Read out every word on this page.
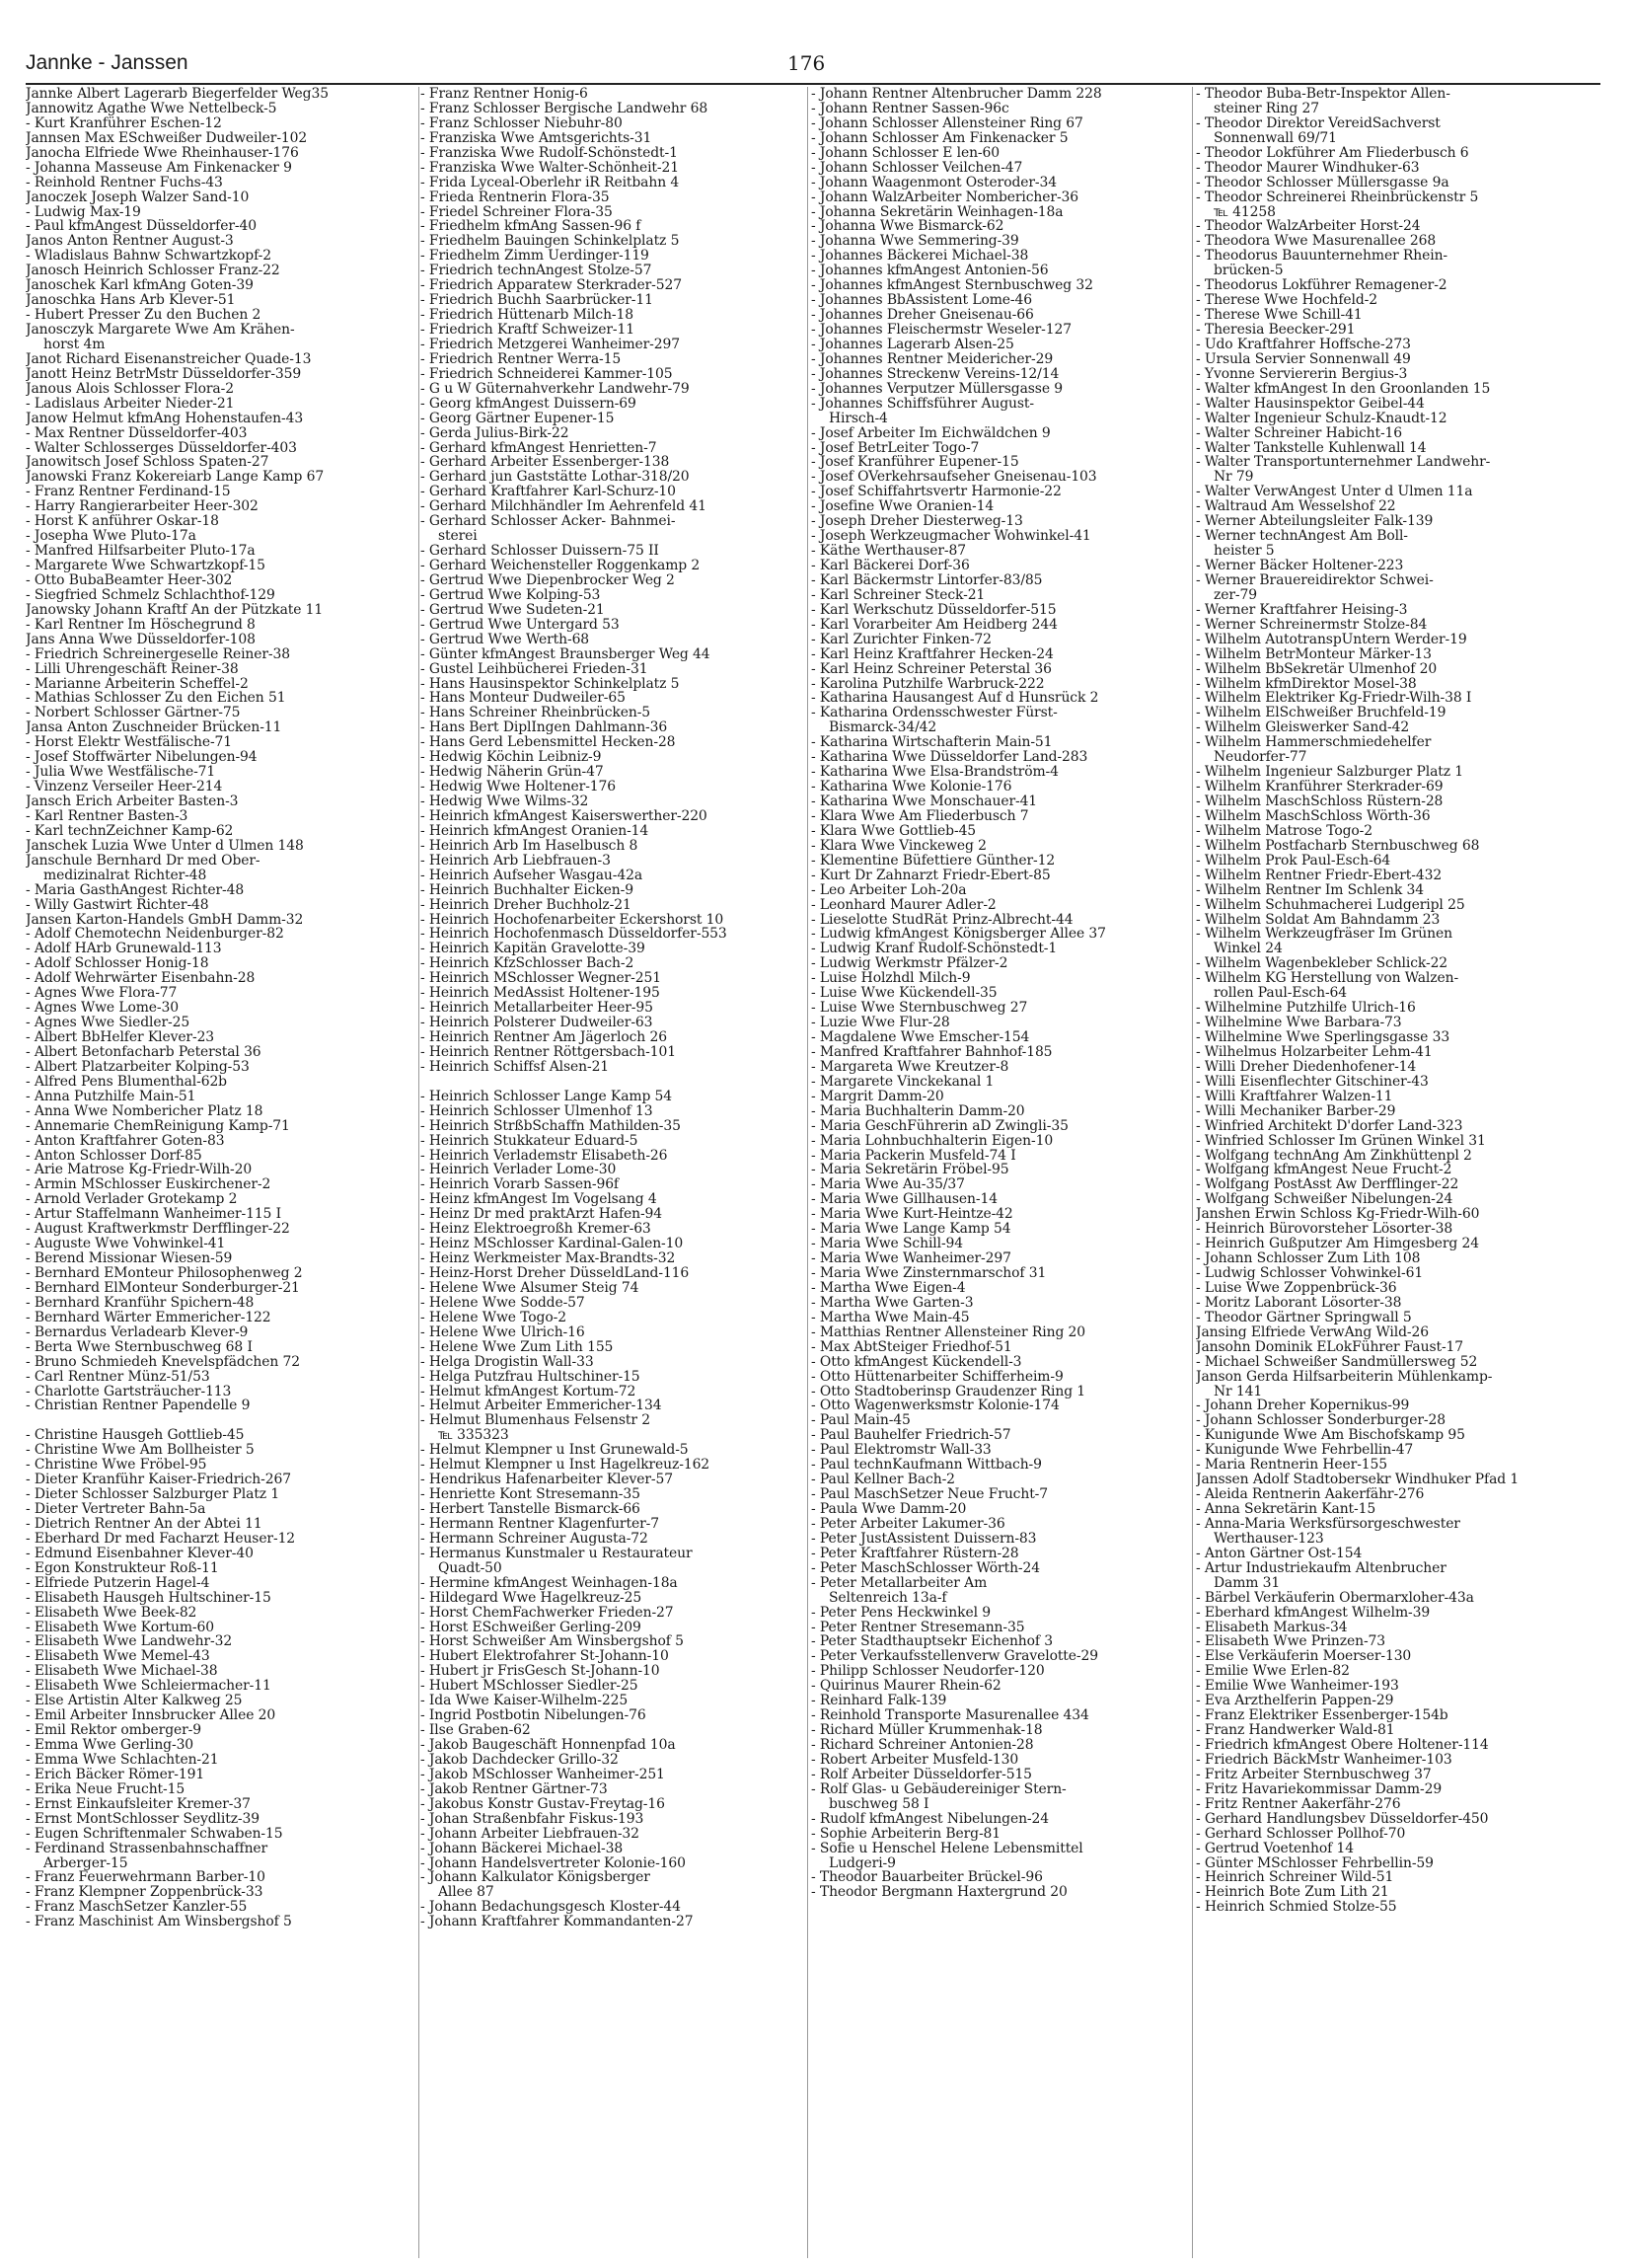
Jannke - Janssen	176
Jannke Albert Lagerarb Biegerfelder Weg35
Jannowitz Agathe Wwe Nettelbeck-5
- Kurt Kranführer Eschen-12
Jannsen Max ESchweißer Dudweiler-102
Janocha Elfriede Wwe Rheinhauser-176
- Johanna Masseuse Am Finkenacker 9
- Reinhold Rentner Fuchs-43
Janoczek Joseph Walzer Sand-10
- Ludwig Max-19
- Paul kfmAngest Düsseldorfer-40
Janos Anton Rentner August-3
- Wladislaus Bahnw Schwartzkopf-2
Janosch Heinrich Schlosser Franz-22
Janoschek Karl kfmAng Goten-39
Janoschka Hans Arb Klever-51
- Hubert Presser Zu den Buchen 2
Janosczyk Margarete Wwe Am Krähen-
horst 4m
Janot Richard Eisenanstreicher Quade-13
Janott Heinz BetrMstr Düsseldorfer-359
Janous Alois Schlosser Flora-2
- Ladislaus Arbeiter Nieder-21
Janow Helmut kfmAng Hohenstaufen-43
- Max Rentner Düsseldorfer-403
- Walter Schlosserges Düsseldorfer-403
Janowitsch Josef Schloss Spaten-27
Janowski Franz Kokereiarb Lange Kamp 67
- Franz Rentner Ferdinand-15
- Harry Rangierarbeiter Heer-302
- Horst K anführer Oskar-18
- Josepha Wwe Pluto-17a
- Manfred Hilfsarbeiter Pluto-17a
- Margarete Wwe Schwartzkopf-15
- Otto BubaBeamter Heer-302
- Siegfried Schmelz Schlachthof-129
Janowsky Johann Kraftf An der Pützkate 11
- Karl Rentner Im Höschegrund 8
Jans Anna Wwe Düsseldorfer-108
- Friedrich Schreinergeselle Reiner-38
- Lilli Uhrengeschäft Reiner-38
- Marianne Arbeiterin Scheffel-2
- Mathias Schlosser Zu den Eichen 51
- Norbert Schlosser Gärtner-75
Jansa Anton Zuschneider Brücken-11
- Horst Elektr Westfälische-71
- Josef Stoffwärter Nibelungen-94
- Julia Wwe Westfälische-71
- Vinzenz Verseiler Heer-214
Jansch Erich Arbeiter Basten-3
- Karl Rentner Basten-3
- Karl technZeichner Kamp-62
Janschek Luzia Wwe Unter d Ulmen 148
Janschule Bernhard Dr med Ober-
medizinalrat Richter-48
- Maria GasthAngest Richter-48
- Willy Gastwirt Richter-48
Jansen Karton-Handels GmbH Damm-32
- Adolf Chemotechn Neidenburger-82
- Adolf HArb Grunewald-113
- Adolf Schlosser Honig-18
- Adolf Wehrwärter Eisenbahn-28
- Agnes Wwe Flora-77
- Agnes Wwe Lome-30
- Agnes Wwe Siedler-25
- Albert BbHelfer Klever-23
- Albert Betonfacharb Peterstal 36
- Albert Platzarbeiter Kolping-53
- Alfred Pens Blumenthal-62b
- Anna Putzhilfe Main-51
- Anna Wwe Nombericher Platz 18
- Annemarie ChemReinigung Kamp-71
- Anton Kraftfahrer Goten-83
- Anton Schlosser Dorf-85
- Arie Matrose Kg-Friedr-Wilh-20
- Armin MSchlosser Euskirchener-2
- Arnold Verlader Grotekamp 2
- Artur Staffelmann Wanheimer-115 I
- August Kraftwerkmstr Derfflinger-22
- Auguste Wwe Vohwinkel-41
- Berend Missionar Wiesen-59
- Bernhard EMonteur Philosophenweg 2
- Bernhard ElMonteur Sonderburger-21
- Bernhard Kranführ Spichern-48
- Bernhard Wärter Emmericher-122
- Bernardus Verladearb Klever-9
- Berta Wwe Sternbuschweg 68 I
- Bruno Schmiedeh Knevelspfädchen 72
- Carl Rentner Münz-51/53
- Charlotte Gartsträucher-113
- Christian Rentner Papendelle 9
- Christine Hausgeh Gottlieb-45
- Christine Wwe Am Bollheister 5
- Christine Wwe Fröbel-95
- Dieter Kranführ Kaiser-Friedrich-267
- Dieter Schlosser Salzburger Platz 1
- Dieter Vertreter Bahn-5a
- Dietrich Rentner An der Abtei 11
- Eberhard Dr med Facharzt Heuser-12
- Edmund Eisenbahner Klever-40
- Egon Konstrukteur Roß-11
- Elfriede Putzerin Hagel-4
- Elisabeth Hausgeh Hultschiner-15
- Elisabeth Wwe Beek-82
- Elisabeth Wwe Kortum-60
- Elisabeth Wwe Landwehr-32
- Elisabeth Wwe Memel-43
- Elisabeth Wwe Michael-38
- Elisabeth Wwe Schleiermacher-11
- Else Artistin Alter Kalkweg 25
- Emil Arbeiter Innsbrucker Allee 20
- Emil Rektor omberger-9
- Emma Wwe Gerling-30
- Emma Wwe Schlachten-21
- Erich Bäcker Römer-191
- Erika Neue Frucht-15
- Ernst Einkaufsleiter Kremer-37
- Ernst MontSchlosser Seydlitz-39
- Eugen Schriftenmaler Schwaben-15
- Ferdinand Strassenbahnschaffner
Arberger-15
- Franz Feuerwehrmann Barber-10
- Franz Klempner Zoppenbrück-33
- Franz MaschSetzer Kanzler-55
- Franz Maschinist Am Winsbergshof 5
- Franz Rentner Honig-6
- Franz Schlosser Bergische Landwehr 68
- Franz Schlosser Niebuhr-80
- Franziska Wwe Amtsgerichts-31
- Franziska Wwe Rudolf-Schönstedt-1
- Franziska Wwe Walter-Schönheit-21
- Frida Lyceal-Oberlehr iR Reitbahn 4
- Frieda Rentnerin Flora-35
- Friedel Schreiner Flora-35
- Friedhelm kfmAng Sassen-96 f
- Friedhelm Bauingen Schinkelplatz 5
- Friedhelm Zimm Uerdinger-119
- Friedrich technAngest Stolze-57
- Friedrich Apparatew Sterkrader-527
- Friedrich Buchh Saarbrücker-11
- Friedrich Hüttenarb Milch-18
- Friedrich Kraftf Schweizer-11
- Friedrich Metzgerei Wanheimer-297
- Friedrich Rentner Werra-15
- Friedrich Schneiderei Kammer-105
- G u W Güternahverkehr Landwehr-79
- Georg kfmAngest Duissern-69
- Georg Gärtner Eupener-15
- Gerda Julius-Birk-22
- Gerhard kfmAngest Henrietten-7
- Gerhard Arbeiter Essenberger-138
- Gerhard jun Gaststätte Lothar-318/20
- Gerhard Kraftfahrer Karl-Schurz-10
- Gerhard Milchhändler Im Aehrenfeld 41
- Gerhard Schlosser Acker- Bahnmei-
sterei
- Gerhard Schlosser Duissern-75 II
- Gerhard Weichensteller Roggenkamp 2
- Gertrud Wwe Diepenbrocker Weg 2
- Gertrud Wwe Kolping-53
- Gertrud Wwe Sudeten-21
- Gertrud Wwe Untergard 53
- Gertrud Wwe Werth-68
- Günter kfmAngest Braunsberger Weg 44
- Gustel Leihbücherei Frieden-31
- Hans Hausinspektor Schinkelplatz 5
- Hans Monteur Dudweiler-65
- Hans Schreiner Rheinbrücken-5
- Hans Bert DiplIngen Dahlmann-36
- Hans Gerd Lebensmittel Hecken-28
- Hedwig Köchin Leibniz-9
- Hedwig Näherin Grün-47
- Hedwig Wwe Holtener-176
- Hedwig Wwe Wilms-32
- Heinrich kfmAngest Kaiserswerther-220
- Heinrich kfmAngest Oranien-14
- Heinrich Arb Im Haselbusch 8
- Heinrich Arb Liebfrauen-3
- Heinrich Aufseher Wasgau-42a
- Heinrich Buchhalter Eicken-9
- Heinrich Dreher Buchholz-21
- Heinrich Hochofenarbeiter Eckershorst 10
- Heinrich Hochofenmasch Düsseldorfer-553
- Heinrich Kapitän Gravelotte-39
- Heinrich KfzSchlosser Bach-2
- Heinrich MSchlosser Wegner-251
- Heinrich MedAssist Holtener-195
- Heinrich Metallarbeiter Heer-95
- Heinrich Polsterer Dudweiler-63
- Heinrich Rentner Am Jägerloch 26
- Heinrich Rentner Röttgersbach-101
- Heinrich Schiffsf Alsen-21
- Heinrich Schlosser Lange Kamp 54
- Heinrich Schlosser Ulmenhof 13
- Heinrich StrßbSchaffn Mathilden-35
- Heinrich Stukkateur Eduard-5
- Heinrich Verlademstr Elisabeth-26
- Heinrich Verlader Lome-30
- Heinrich Vorarb Sassen-96f
- Heinz kfmAngest Im Vogelsang 4
- Heinz Dr med praktArzt Hafen-94
- Heinz Elektroegroßh Kremer-63
- Heinz MSchlosser Kardinal-Galen-10
- Heinz Werkmeister Max-Brandts-32
- Heinz-Horst Dreher DüsseldLand-116
- Helene Wwe Alsumer Steig 74
- Helene Wwe Sodde-57
- Helene Wwe Togo-2
- Helene Wwe Ulrich-16
- Helene Wwe Zum Lith 155
- Helga Drogistin Wall-33
- Helga Putzfrau Hultschiner-15
- Helmut kfmAngest Kortum-72
- Helmut Arbeiter Emmericher-134
- Helmut Blumenhaus Felsenstr 2
℡ 335323
- Helmut Klempner u Inst Grunewald-5
- Helmut Klempner u Inst Hagelkreuz-162
- Hendrikus Hafenarbeiter Klever-57
- Henriette Kont Stresemann-35
- Herbert Tanstelle Bismarck-66
- Hermann Rentner Klagenfurter-7
- Hermann Schreiner Augusta-72
- Hermanus Kunstmaler u Restaurateur
Quadt-50
- Hermine kfmAngest Weinhagen-18a
- Hildegard Wwe Hagelkreuz-25
- Horst ChemFachwerker Frieden-27
- Horst ESchweißer Gerling-209
- Horst Schweißer Am Winsbergshof 5
- Hubert Elektrofahrer St-Johann-10
- Hubert jr FrisGesch St-Johann-10
- Hubert MSchlosser Siedler-25
- Ida Wwe Kaiser-Wilhelm-225
- Ingrid Postbotin Nibelungen-76
- Ilse Graben-62
- Jakob Baugeschäft Honnenpfad 10a
- Jakob Dachdecker Grillo-32
- Jakob MSchlosser Wanheimer-251
- Jakob Rentner Gärtner-73
- Jakobus Konstr Gustav-Freytag-16
- Johan Straßenbfahr Fiskus-193
- Johann Arbeiter Liebfrauen-32
- Johann Bäckerei Michael-38
- Johann Handelsvertreter Kolonie-160
- Johann Kalkulator Königsberger
Allee 87
- Johann Bedachungsgesch Kloster-44
- Johann Kraftfahrer Kommandanten-27
- Johann Rentner Altenbrucher Damm 228
- Johann Rentner Sassen-96c
- Johann Schlosser Allensteiner Ring 67
- Johann Schlosser Am Finkenacker 5
- Johann Schlosser E len-60
- Johann Schlosser Veilchen-47
- Johann Waagenmont Osteroder-34
- Johann WalzArbeiter Nombericher-36
- Johanna Sekretärin Weinhagen-18a
- Johanna Wwe Bismarck-62
- Johanna Wwe Semmering-39
- Johannes Bäckerei Michael-38
- Johannes kfmAngest Antonien-56
- Johannes kfmAngest Sternbuschweg 32
- Johannes BbAssistent Lome-46
- Johannes Dreher Gneisenau-66
- Johannes Fleischermstr Weseler-127
- Johannes Lagerarb Alsen-25
- Johannes Rentner Meidericher-29
- Johannes Streckenw Vereins-12/14
- Johannes Verputzer Müllersgasse 9
- Johannes Schiffsführer August-
Hirsch-4
- Josef Arbeiter Im Eichwäldchen 9
- Josef BetrLeiter Togo-7
- Josef Kranführer Eupener-15
- Josef OVerkehrsaufseher Gneisenau-103
- Josef Schiffahrtsvertr Harmonie-22
- Josefine Wwe Oranien-14
- Joseph Dreher Diesterweg-13
- Joseph Werkzeugmacher Wohwinkel-41
- Käthe Werthauser-87
- Karl Bäckerei Dorf-36
- Karl Bäckermstr Lintorfer-83/85
- Karl Schreiner Steck-21
- Karl Werkschutz Düsseldorfer-515
- Karl Vorarbeiter Am Heidberg 244
- Karl Zurichter Finken-72
- Karl Heinz Kraftfahrer Hecken-24
- Karl Heinz Schreiner Peterstal 36
- Karolina Putzhilfe Warbruck-222
- Katharina Hausangest Auf d Hunsrück 2
- Katharina Ordensschwester Fürst-
Bismarck-34/42
- Katharina Wirtschafterin Main-51
- Katharina Wwe Düsseldorfer Land-283
- Katharina Wwe Elsa-Brandström-4
- Katharina Wwe Kolonie-176
- Katharina Wwe Monschauer-41
- Klara Wwe Am Fliederbusch 7
- Klara Wwe Gottlieb-45
- Klara Wwe Vinckeweg 2
- Klementine Büfettiere Günther-12
- Kurt Dr Zahnarzt Friedr-Ebert-85
- Leo Arbeiter Loh-20a
- Leonhard Maurer Adler-2
- Lieselotte StudRät Prinz-Albrecht-44
- Ludwig kfmAngest Königsberger Allee 37
- Ludwig Kranf Rudolf-Schönstedt-1
- Ludwig Werkmstr Pfälzer-2
- Luise Holzhdl Milch-9
- Luise Wwe Kückendell-35
- Luise Wwe Sternbuschweg 27
- Luzie Wwe Flur-28
- Magdalene Wwe Emscher-154
- Manfred Kraftfahrer Bahnhof-185
- Margareta Wwe Kreutzer-8
- Margarete Vinckekanal 1
- Margrit Damm-20
- Maria Buchhalterin Damm-20
- Maria GeschFührerin aD Zwingli-35
- Maria Lohnbuchhalterin Eigen-10
- Maria Packerin Musfeld-74 I
- Maria Sekretärin Fröbel-95
- Maria Wwe Au-35/37
- Maria Wwe Gillhausen-14
- Maria Wwe Kurt-Heintze-42
- Maria Wwe Lange Kamp 54
- Maria Wwe Schill-94
- Maria Wwe Wanheimer-297
- Maria Wwe Zinsternmarschof 31
- Martha Wwe Eigen-4
- Martha Wwe Garten-3
- Martha Wwe Main-45
- Matthias Rentner Allensteiner Ring 20
- Max AbtSteiger Friedhof-51
- Otto kfmAngest Kückendell-3
- Otto Hüttenarbeiter Schifferheim-9
- Otto Stadtoberinsp Graudenzer Ring 1
- Otto Wagenwerksmstr Kolonie-174
- Paul Main-45
- Paul Bauhelfer Friedrich-57
- Paul Elektromstr Wall-33
- Paul technKaufmann Wittbach-9
- Paul Kellner Bach-2
- Paul MaschSetzer Neue Frucht-7
- Paula Wwe Damm-20
- Peter Arbeiter Lakumer-36
- Peter JustAssistent Duissern-83
- Peter Kraftfahrer Rüstern-28
- Peter MaschSchlosser Wörth-24
- Peter Metallarbeiter Am
Seltenreich 13a-f
- Peter Pens Heckwinkel 9
- Peter Rentner Stresemann-35
- Peter Stadthauptsekr Eichenhof 3
- Peter Verkaufsstellenverw Gravelotte-29
- Philipp Schlosser Neudorfer-120
- Quirinus Maurer Rhein-62
- Reinhard Falk-139
- Reinhold Transporte Masurenallee 434
- Richard Müller Krummenhak-18
- Richard Schreiner Antonien-28
- Robert Arbeiter Musfeld-130
- Rolf Arbeiter Düsseldorfer-515
- Rolf Glas- u Gebäudereiniger Stern-
buschweg 58 I
- Rudolf kfmAngest Nibelungen-24
- Sophie Arbeiterin Berg-81
- Sofie u Henschel Helene Lebensmittel
Ludgeri-9
- Theodor Bauarbeiter Brückel-96
- Theodor Bergmann Haxtergrund 20
- Theodor Buba-Betr-Inspektor Allen-
steiner Ring 27
- Theodor Direktor VereidSachverst
Sonnenwall 69/71
- Theodor Lokführer Am Fliederbusch 6
- Theodor Maurer Windhuker-63
- Theodor Schlosser Müllersgasse 9a
- Theodor Schreinerei Rheinbrückenstr 5
℡ 41258
- Theodor WalzArbeiter Horst-24
- Theodora Wwe Masurenallee 268
- Theodorus Bauunternehmer Rhein-
brücken-5
- Theodorus Lokführer Remagener-2
- Therese Wwe Hochfeld-2
- Therese Wwe Schill-41
- Theresia Beecker-291
- Udo Kraftfahrer Hoffsche-273
- Ursula Servier Sonnenwall 49
- Yvonne Serviererin Bergius-3
- Walter kfmAngest In den Groonlanden 15
- Walter Hausinspektor Geibel-44
- Walter Ingenieur Schulz-Knaudt-12
- Walter Schreiner Habicht-16
- Walter Tankstelle Kuhlenwall 14
- Walter Transportunternehmer Landwehr-
Nr 79
- Walter VerwAngest Unter d Ulmen 11a
- Waltraud Am Wesselshof 22
- Werner Abteilungsleiter Falk-139
- Werner technAngest Am Boll-
heister 5
- Werner Bäcker Holtener-223
- Werner Brauereidirektor Schwei-
zer-79
- Werner Kraftfahrer Heising-3
- Werner Schreinermstr Stolze-84
- Wilhelm AutotranspUntern Werder-19
- Wilhelm BetrMonteur Märker-13
- Wilhelm BbSekretär Ulmenhof 20
- Wilhelm kfmDirektor Mosel-38
- Wilhelm Elektriker Kg-Friedr-Wilh-38 I
- Wilhelm ElSchweißer Bruchfeld-19
- Wilhelm Gleiswerker Sand-42
- Wilhelm Hammerschmiedehelfer
Neudorfer-77
- Wilhelm Ingenieur Salzburger Platz 1
- Wilhelm Kranführer Sterkrader-69
- Wilhelm MaschSchloss Rüstern-28
- Wilhelm MaschSchloss Wörth-36
- Wilhelm Matrose Togo-2
- Wilhelm Postfacharb Sternbuschweg 68
- Wilhelm Prok Paul-Esch-64
- Wilhelm Rentner Friedr-Ebert-432
- Wilhelm Rentner Im Schlenk 34
- Wilhelm Schuhmacherei Ludgeripl 25
- Wilhelm Soldat Am Bahndamm 23
- Wilhelm Werkzeugfräser Im Grünen
Winkel 24
- Wilhelm Wagenbekleber Schlick-22
- Wilhelm KG Herstellung von Walzen-
rollen Paul-Esch-64
- Wilhelmine Putzhilfe Ulrich-16
- Wilhelmine Wwe Barbara-73
- Wilhelmine Wwe Sperlingsgasse 33
- Wilhelmus Holzarbeiter Lehm-41
- Willi Dreher Diedenhofener-14
- Willi Eisenflechter Gitschiner-43
- Willi Kraftfahrer Walzen-11
- Willi Mechaniker Barber-29
- Winfried Architekt D'dorfer Land-323
- Winfried Schlosser Im Grünen Winkel 31
- Wolfgang technAng Am Zinkhüttenpl 2
- Wolfgang kfmAngest Neue Frucht-2
- Wolfgang PostAsst Aw Derfflinger-22
- Wolfgang Schweißer Nibelungen-24
Janshen Erwin Schloss Kg-Friedr-Wilh-60
- Heinrich Bürovorsteher Lösorter-38
- Heinrich Gußputzer Am Himgesberg 24
- Johann Schlosser Zum Lith 108
- Ludwig Schlosser Vohwinkel-61
- Luise Wwe Zoppenbrück-36
- Moritz Laborant Lösorter-38
- Theodor Gärtner Springwall 5
Jansing Elfriede VerwAng Wild-26
Jansohn Dominik ELokFührer Faust-17
- Michael Schweißer Sandmüllersweg 52
Janson Gerda Hilfsarbeiterin Mühlenkamp-
Nr 141
- Johann Dreher Kopernikus-99
- Johann Schlosser Sonderburger-28
- Kunigunde Wwe Am Bischofskamp 95
- Kunigunde Wwe Fehrbellin-47
- Maria Rentnerin Heer-155
Janssen Adolf Stadtobersekr Windhuker Pfad 1
- Aleida Rentnerin Aakerfähr-276
- Anna Sekretärin Kant-15
- Anna-Maria Werksfürsorgeschwester
Werthauser-123
- Anton Gärtner Ost-154
- Artur Industriekaufm Altenbrucher
Damm 31
- Bärbel Verkäuferin Obermarxloher-43a
- Eberhard kfmAngest Wilhelm-39
- Elisabeth Markus-34
- Elisabeth Wwe Prinzen-73
- Else Verkäuferin Moerser-130
- Emilie Wwe Erlen-82
- Emilie Wwe Wanheimer-193
- Eva Arzthelferin Pappen-29
- Franz Elektriker Essenberger-154b
- Franz Handwerker Wald-81
- Friedrich kfmAngest Obere Holtener-114
- Friedrich BäckMstr Wanheimer-103
- Fritz Arbeiter Sternbuschweg 37
- Fritz Havariekommissar Damm-29
- Fritz Rentner Aakerfähr-276
- Gerhard Handlungsbev Düsseldorfer-450
- Gerhard Schlosser Pollhof-70
- Gertrud Voetenhof 14
- Günter MSchlosser Fehrbellin-59
- Heinrich Schreiner Wild-51
- Heinrich Bote Zum Lith 21
- Heinrich Schmied Stolze-55
